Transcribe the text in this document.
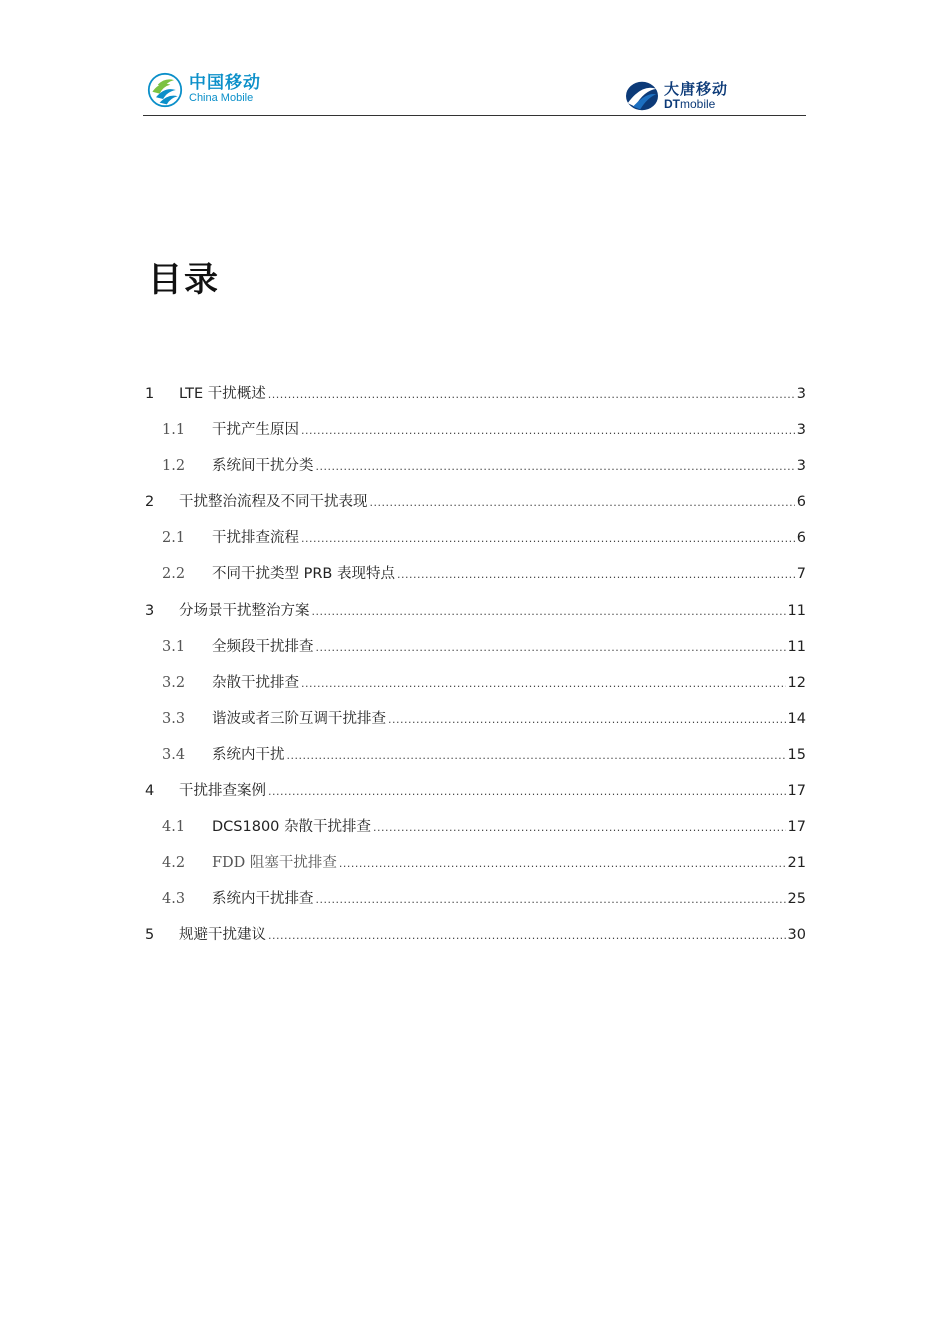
中国移动
China Mobile
大唐移动
DTmobile
目录
1	LTE 干扰概述 .....	3
1.1	干扰产生原因 .....	3
1.2	系统间干扰分类 .....	3
2	干扰整治流程及不同干扰表现 .....	6
2.1	干扰排查流程 .....	6
2.2	不同干扰类型 PRB 表现特点 .....	7
3	分场景干扰整治方案 .....	11
3.1	全频段干扰排查 .....	11
3.2	杂散干扰排查 .....	12
3.3	谐波或者三阶互调干扰排查 .....	14
3.4	系统内干扰 .....	15
4	干扰排查案例 .....	17
4.1	DCS1800 杂散干扰排查 .....	17
4.2	FDD 阻塞干扰排查 .....	21
4.3	系统内干扰排查 .....	25
5	规避干扰建议 .....	30
